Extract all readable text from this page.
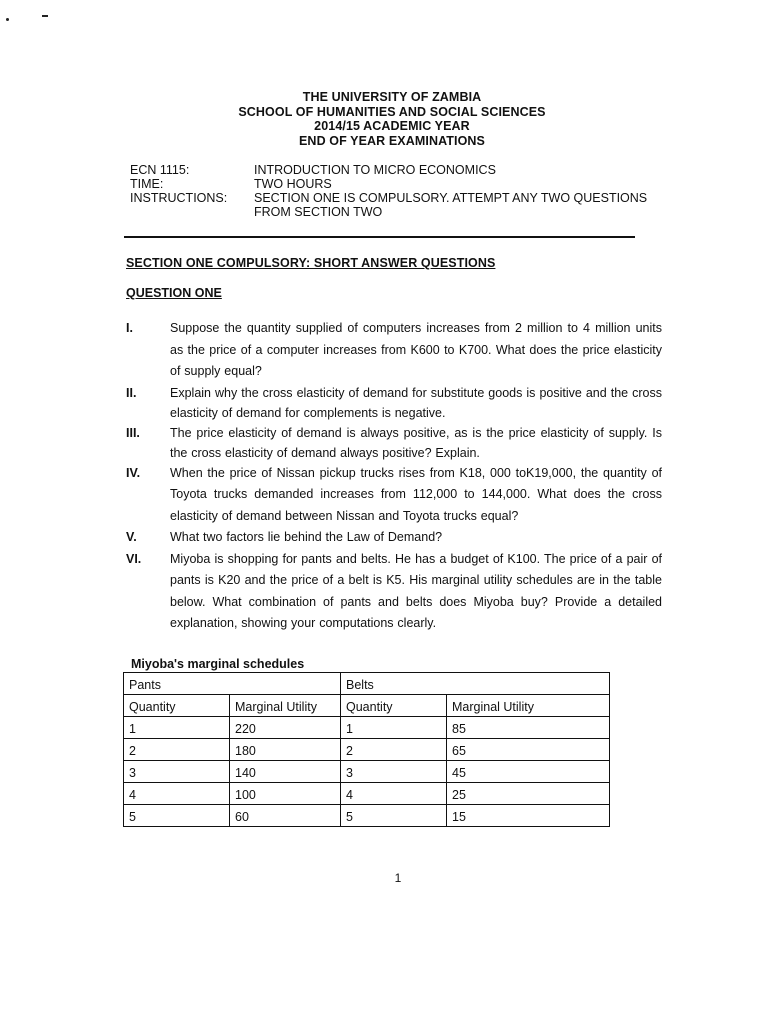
THE UNIVERSITY OF ZAMBIA
SCHOOL OF HUMANITIES AND SOCIAL SCIENCES
2014/15 ACADEMIC YEAR
END OF YEAR EXAMINATIONS
ECN 1115:	INTRODUCTION TO MICRO ECONOMICS
TIME:	TWO HOURS
INSTRUCTIONS:	SECTION ONE IS COMPULSORY. ATTEMPT ANY TWO QUESTIONS
FROM SECTION TWO
SECTION ONE COMPULSORY: SHORT ANSWER QUESTIONS
QUESTION ONE
I.	Suppose the quantity supplied of computers increases from 2 million to 4 million units as the price of a computer increases from K600 to K700. What does the price elasticity of supply equal?
II.	Explain why the cross elasticity of demand for substitute goods is positive and the cross elasticity of demand for complements is negative.
III.	The price elasticity of demand is always positive, as is the price elasticity of supply. Is the cross elasticity of demand always positive? Explain.
IV.	When the price of Nissan pickup trucks rises from K18, 000 toK19,000, the quantity of Toyota trucks demanded increases from 112,000 to 144,000. What does the cross elasticity of demand between Nissan and Toyota trucks equal?
V.	What two factors lie behind the Law of Demand?
VI.	Miyoba is shopping for pants and belts. He has a budget of K100. The price of a pair of pants is K20 and the price of a belt is K5. His marginal utility schedules are in the table below. What combination of pants and belts does Miyoba buy? Provide a detailed explanation, showing your computations clearly.
Miyoba's marginal schedules
Pants		Belts	
Quantity	Marginal Utility	Quantity	Marginal Utility
1	220	1	85
2	180	2	65
3	140	3	45
4	100	4	25
5	60	5	15
1
